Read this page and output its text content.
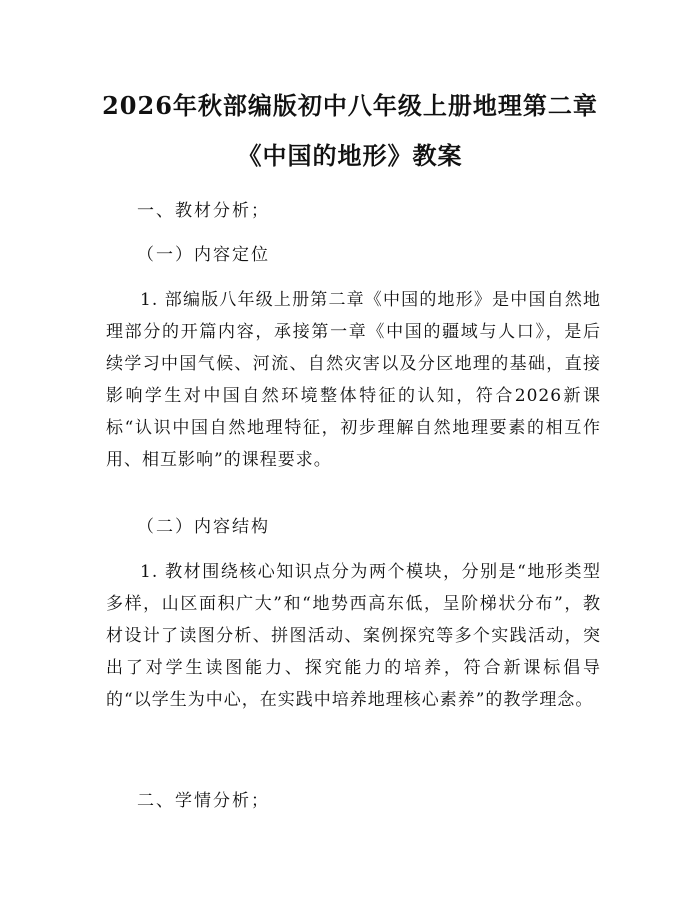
2026年秋部编版初中八年级上册地理第二章
《中国的地形》教案

一、教材分析；

（一）内容定位

1. 部编版八年级上册第二章《中国的地形》是中国自然地理部分的开篇内容，承接第一章《中国的疆域与人口》，是后续学习中国气候、河流、自然灾害以及分区地理的基础，直接影响学生对中国自然环境整体特征的认知，符合2026新课标“认识中国自然地理特征，初步理解自然地理要素的相互作用、相互影响”的课程要求。

（二）内容结构

1. 教材围绕核心知识点分为两个模块，分别是“地形类型多样，山区面积广大”和“地势西高东低，呈阶梯状分布”，教材设计了读图分析、拼图活动、案例探究等多个实践活动，突出了对学生读图能力、探究能力的培养，符合新课标倡导的“以学生为中心，在实践中培养地理核心素养”的教学理念。

二、学情分析；
